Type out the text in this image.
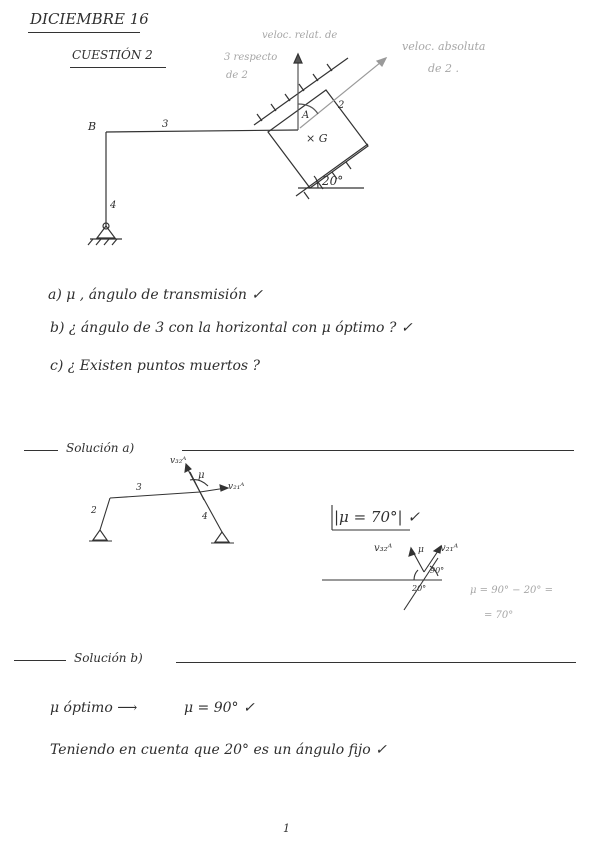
DICIEMBRE 16
CUESTIÓN 2
B	3
4
2
A
× G
20°
veloc. relat. de
3 respecto
de 2
veloc. absoluta
de 2 .
a) μ , ángulo de transmisión ✓
b) ¿ ángulo de 3 con la horizontal con μ óptimo ? ✓
c) ¿ Existen puntos muertos ?
Solución a)
2
3
4
μ
v₃₂ᴬ
v₂₁ᴬ
|μ = 70°| ✓
v₃₂ᴬ	μ v₂₁ᴬ
90°
20°	μ = 90° − 20° =
= 70°
Solución b)
μ óptimo ⟶	μ = 90° ✓
Teniendo en cuenta que 20° es un ángulo fijo ✓
1
